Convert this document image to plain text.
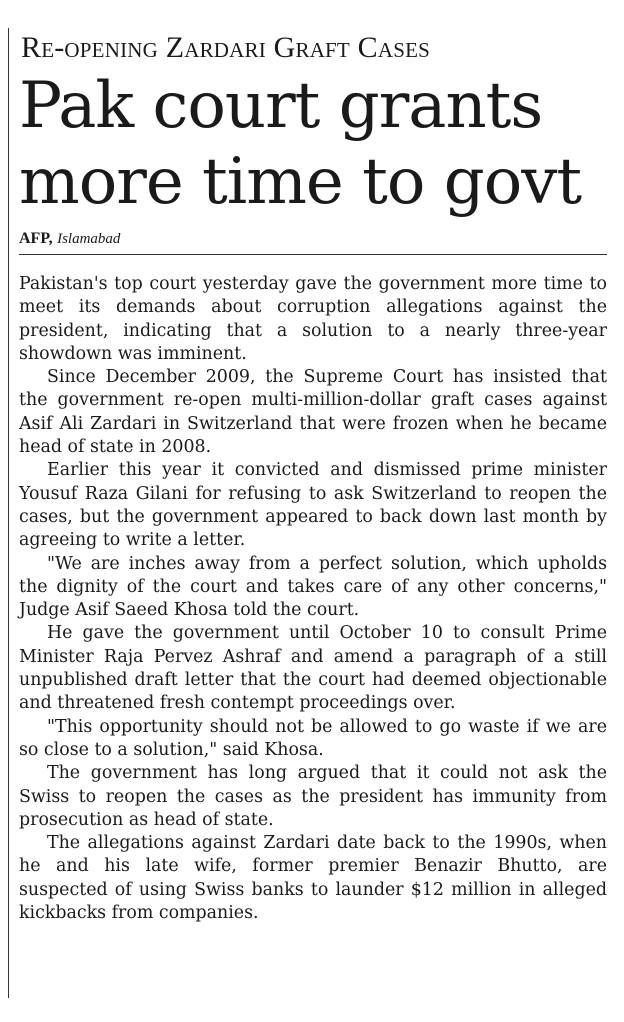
Re-opening Zardari Graft Cases
Pak court grants
more time to govt
AFP, Islamabad

Pakistan's top court yesterday gave the government more time to meet its demands about corruption allegations against the president, indicating that a solution to a nearly three-year showdown was imminent.

Since December 2009, the Supreme Court has insisted that the government re-open multi-million-dollar graft cases against Asif Ali Zardari in Switzerland that were frozen when he became head of state in 2008.

Earlier this year it convicted and dismissed prime minister Yousuf Raza Gilani for refusing to ask Switzerland to reopen the cases, but the government appeared to back down last month by agreeing to write a letter.

"We are inches away from a perfect solution, which upholds the dignity of the court and takes care of any other concerns," Judge Asif Saeed Khosa told the court.

He gave the government until October 10 to consult Prime Minister Raja Pervez Ashraf and amend a paragraph of a still unpublished draft letter that the court had deemed objectionable and threatened fresh contempt proceedings over.

"This opportunity should not be allowed to go waste if we are so close to a solution," said Khosa.

The government has long argued that it could not ask the Swiss to reopen the cases as the president has immunity from prosecution as head of state.

The allegations against Zardari date back to the 1990s, when he and his late wife, former premier Benazir Bhutto, are suspected of using Swiss banks to launder $12 million in alleged kickbacks from companies.
